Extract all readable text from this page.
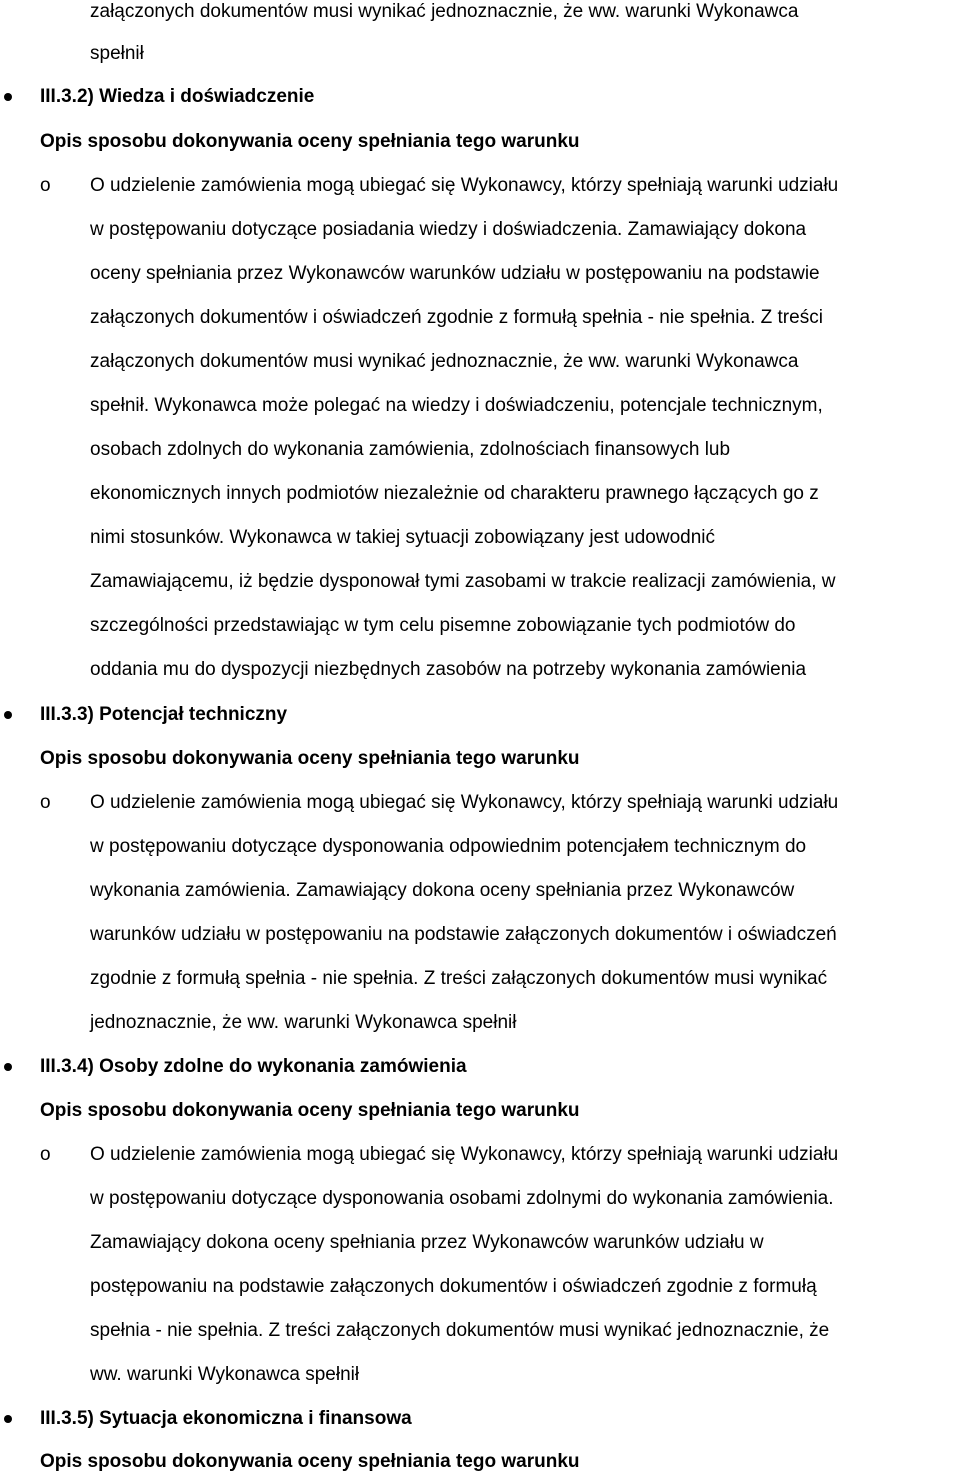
załączonych dokumentów musi wynikać jednoznacznie, że ww. warunki Wykonawca
spełnił
III.3.2) Wiedza i doświadczenie
Opis sposobu dokonywania oceny spełniania tego warunku
o O udzielenie zamówienia mogą ubiegać się Wykonawcy, którzy spełniają warunki udziału
w postępowaniu dotyczące posiadania wiedzy i doświadczenia. Zamawiający dokona
oceny spełniania przez Wykonawców warunków udziału w postępowaniu na podstawie
załączonych dokumentów i oświadczeń zgodnie z formułą spełnia - nie spełnia. Z treści
załączonych dokumentów musi wynikać jednoznacznie, że ww. warunki Wykonawca
spełnił. Wykonawca może polegać na wiedzy i doświadczeniu, potencjale technicznym,
osobach zdolnych do wykonania zamówienia, zdolnościach finansowych lub
ekonomicznych innych podmiotów niezależnie od charakteru prawnego łączących go z
nimi stosunków. Wykonawca w takiej sytuacji zobowiązany jest udowodnić
Zamawiającemu, iż będzie dysponował tymi zasobami w trakcie realizacji zamówienia, w
szczególności przedstawiając w tym celu pisemne zobowiązanie tych podmiotów do
oddania mu do dyspozycji niezbędnych zasobów na potrzeby wykonania zamówienia
III.3.3) Potencjał techniczny
Opis sposobu dokonywania oceny spełniania tego warunku
o O udzielenie zamówienia mogą ubiegać się Wykonawcy, którzy spełniają warunki udziału
w postępowaniu dotyczące dysponowania odpowiednim potencjałem technicznym do
wykonania zamówienia. Zamawiający dokona oceny spełniania przez Wykonawców
warunków udziału w postępowaniu na podstawie załączonych dokumentów i oświadczeń
zgodnie z formułą spełnia - nie spełnia. Z treści załączonych dokumentów musi wynikać
jednoznacznie, że ww. warunki Wykonawca spełnił
III.3.4) Osoby zdolne do wykonania zamówienia
Opis sposobu dokonywania oceny spełniania tego warunku
o O udzielenie zamówienia mogą ubiegać się Wykonawcy, którzy spełniają warunki udziału
w postępowaniu dotyczące dysponowania osobami zdolnymi do wykonania zamówienia.
Zamawiający dokona oceny spełniania przez Wykonawców warunków udziału w
postępowaniu na podstawie załączonych dokumentów i oświadczeń zgodnie z formułą
spełnia - nie spełnia. Z treści załączonych dokumentów musi wynikać jednoznacznie, że
ww. warunki Wykonawca spełnił
III.3.5) Sytuacja ekonomiczna i finansowa
Opis sposobu dokonywania oceny spełniania tego warunku
